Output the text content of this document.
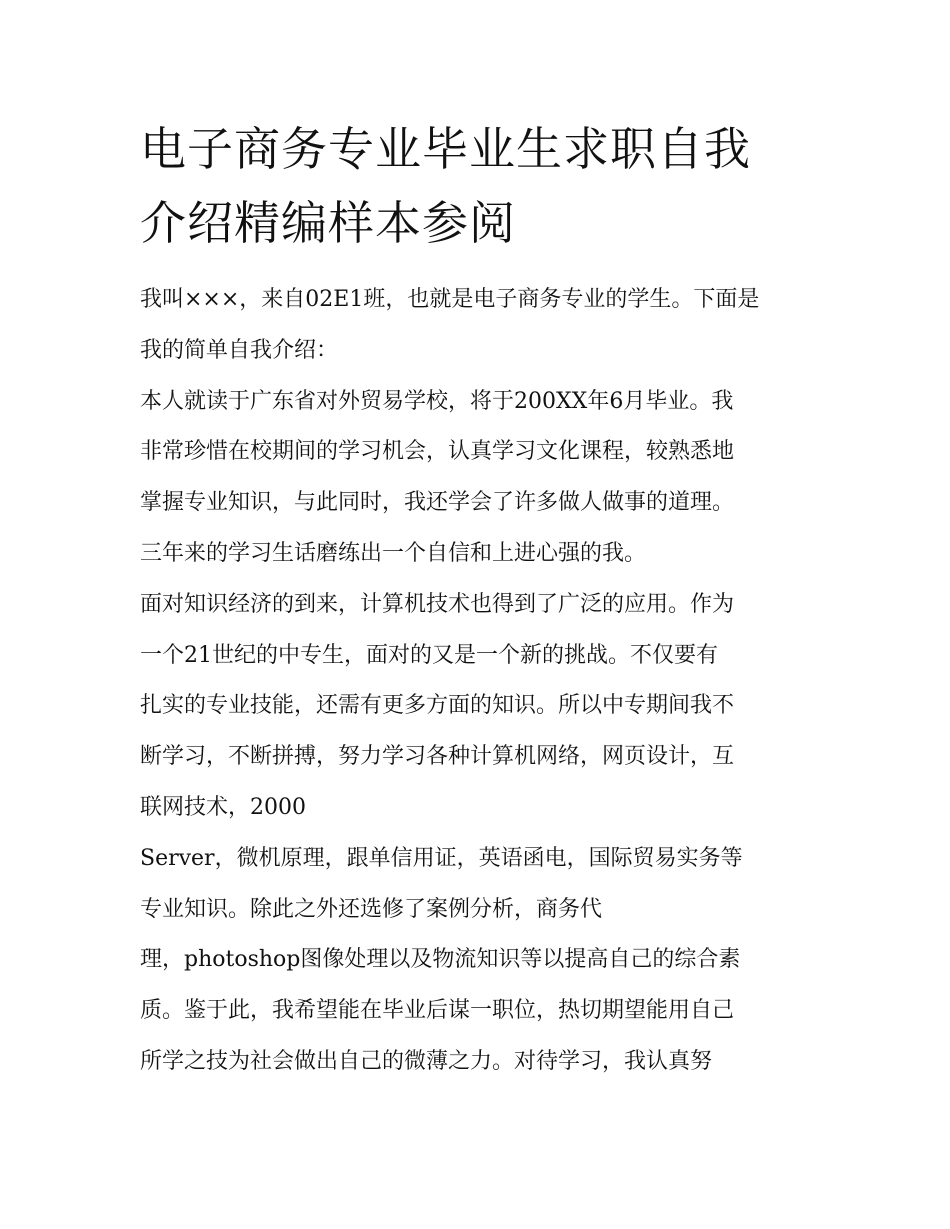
电子商务专业毕业生求职自我
介绍精编样本参阅
我叫×××，来自02E1班，也就是电子商务专业的学生。下面是
我的简单自我介绍：
本人就读于广东省对外贸易学校，将于200XX年6月毕业。我
非常珍惜在校期间的学习机会，认真学习文化课程，较熟悉地
掌握专业知识，与此同时，我还学会了许多做人做事的道理。
三年来的学习生话磨练出一个自信和上进心强的我。
面对知识经济的到来，计算机技术也得到了广泛的应用。作为
一个21世纪的中专生，面对的又是一个新的挑战。不仅要有
扎实的专业技能，还需有更多方面的知识。所以中专期间我不
断学习，不断拼搏，努力学习各种计算机网络，网页设计，互
联网技术，2000
Server，微机原理，跟单信用证，英语函电，国际贸易实务等
专业知识。除此之外还选修了案例分析，商务代
理，photoshop图像处理以及物流知识等以提高自己的综合素
质。鉴于此，我希望能在毕业后谋一职位，热切期望能用自己
所学之技为社会做出自己的微薄之力。对待学习，我认真努
